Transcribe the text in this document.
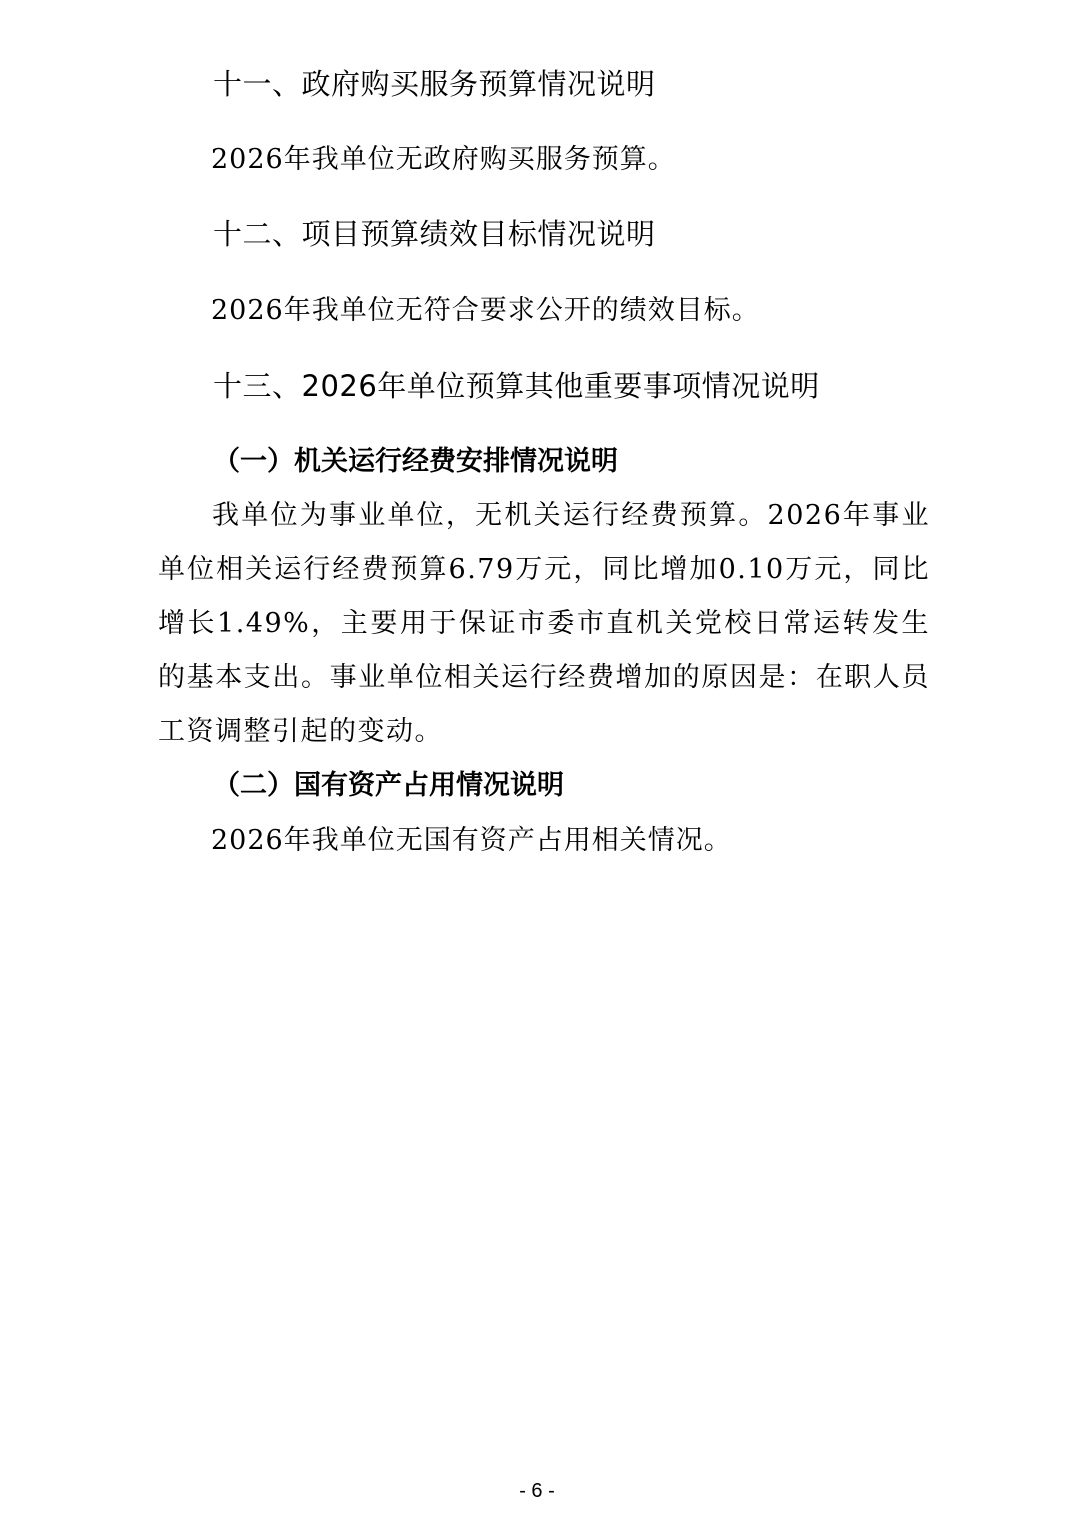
十一、政府购买服务预算情况说明
2026年我单位无政府购买服务预算。
十二、项目预算绩效目标情况说明
2026年我单位无符合要求公开的绩效目标。
十三、2026年单位预算其他重要事项情况说明
（一）机关运行经费安排情况说明
我单位为事业单位，无机关运行经费预算。2026年事业单位相关运行经费预算6.79万元，同比增加0.10万元，同比增长1.49%，主要用于保证市委市直机关党校日常运转发生的基本支出。事业单位相关运行经费增加的原因是：在职人员工资调整引起的变动。
（二）国有资产占用情况说明
2026年我单位无国有资产占用相关情况。
- 6 -
